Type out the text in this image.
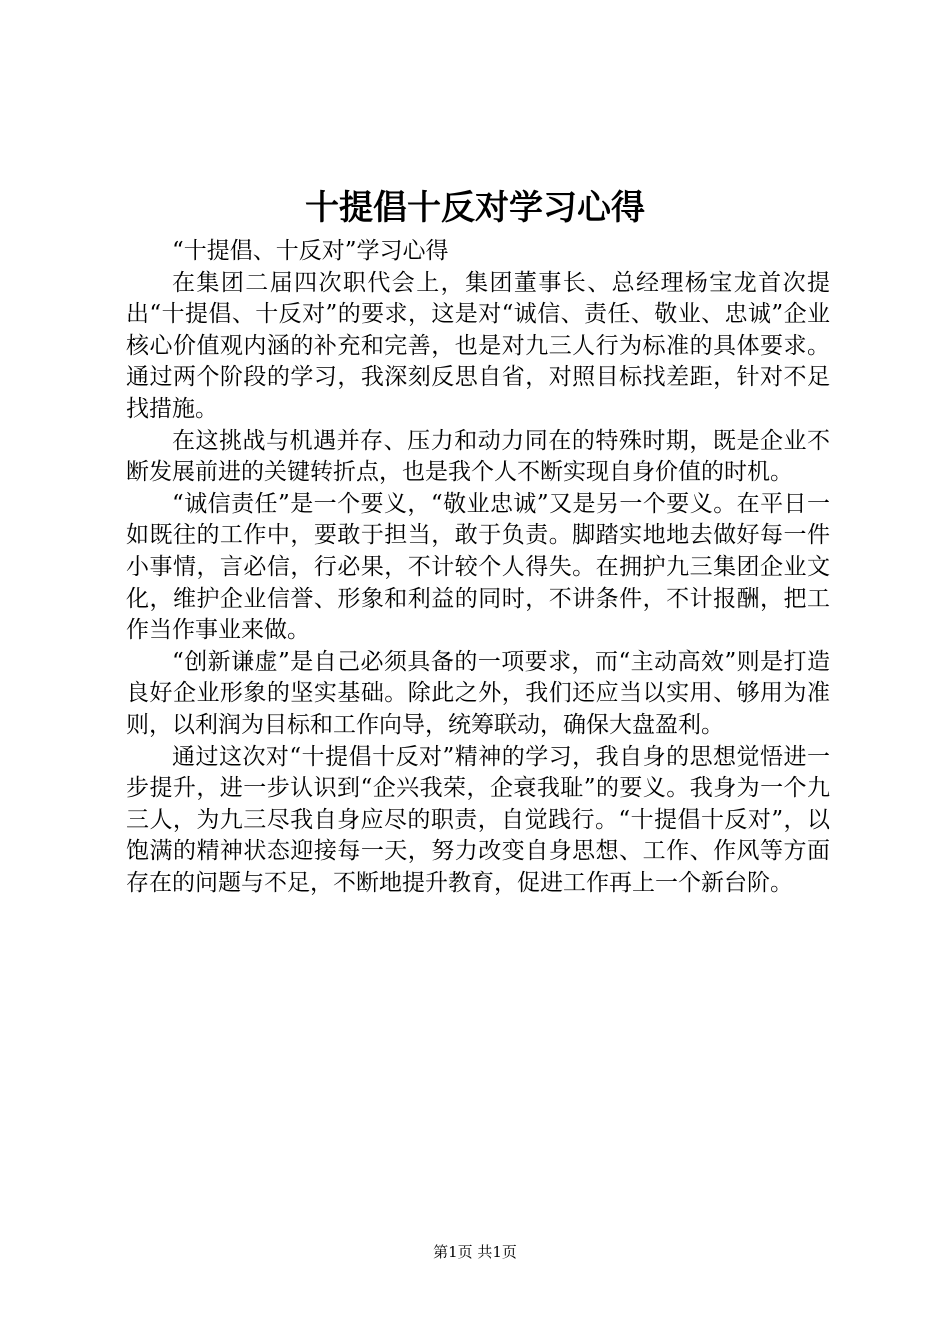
十提倡十反对学习心得

“十提倡、十反对”学习心得

在集团二届四次职代会上，集团董事长、总经理杨宝龙首次提出“十提倡、十反对”的要求，这是对“诚信、责任、敬业、忠诚”企业核心价值观内涵的补充和完善，也是对九三人行为标准的具体要求。通过两个阶段的学习，我深刻反思自省，对照目标找差距，针对不足找措施。

在这挑战与机遇并存、压力和动力同在的特殊时期，既是企业不断发展前进的关键转折点，也是我个人不断实现自身价值的时机。

“诚信责任”是一个要义，“敬业忠诚”又是另一个要义。在平日一如既往的工作中，要敢于担当，敢于负责。脚踏实地地去做好每一件小事情，言必信，行必果，不计较个人得失。在拥护九三集团企业文化，维护企业信誉、形象和利益的同时，不讲条件，不计报酬，把工作当作事业来做。

“创新谦虚”是自己必须具备的一项要求，而“主动高效”则是打造良好企业形象的坚实基础。除此之外，我们还应当以实用、够用为准则，以利润为目标和工作向导，统筹联动，确保大盘盈利。

通过这次对“十提倡十反对”精神的学习，我自身的思想觉悟进一步提升，进一步认识到“企兴我荣，企衰我耻”的要义。我身为一个九三人，为九三尽我自身应尽的职责，自觉践行。“十提倡十反对”，以饱满的精神状态迎接每一天，努力改变自身思想、工作、作风等方面存在的问题与不足，不断地提升教育，促进工作再上一个新台阶。

第1页 共1页
